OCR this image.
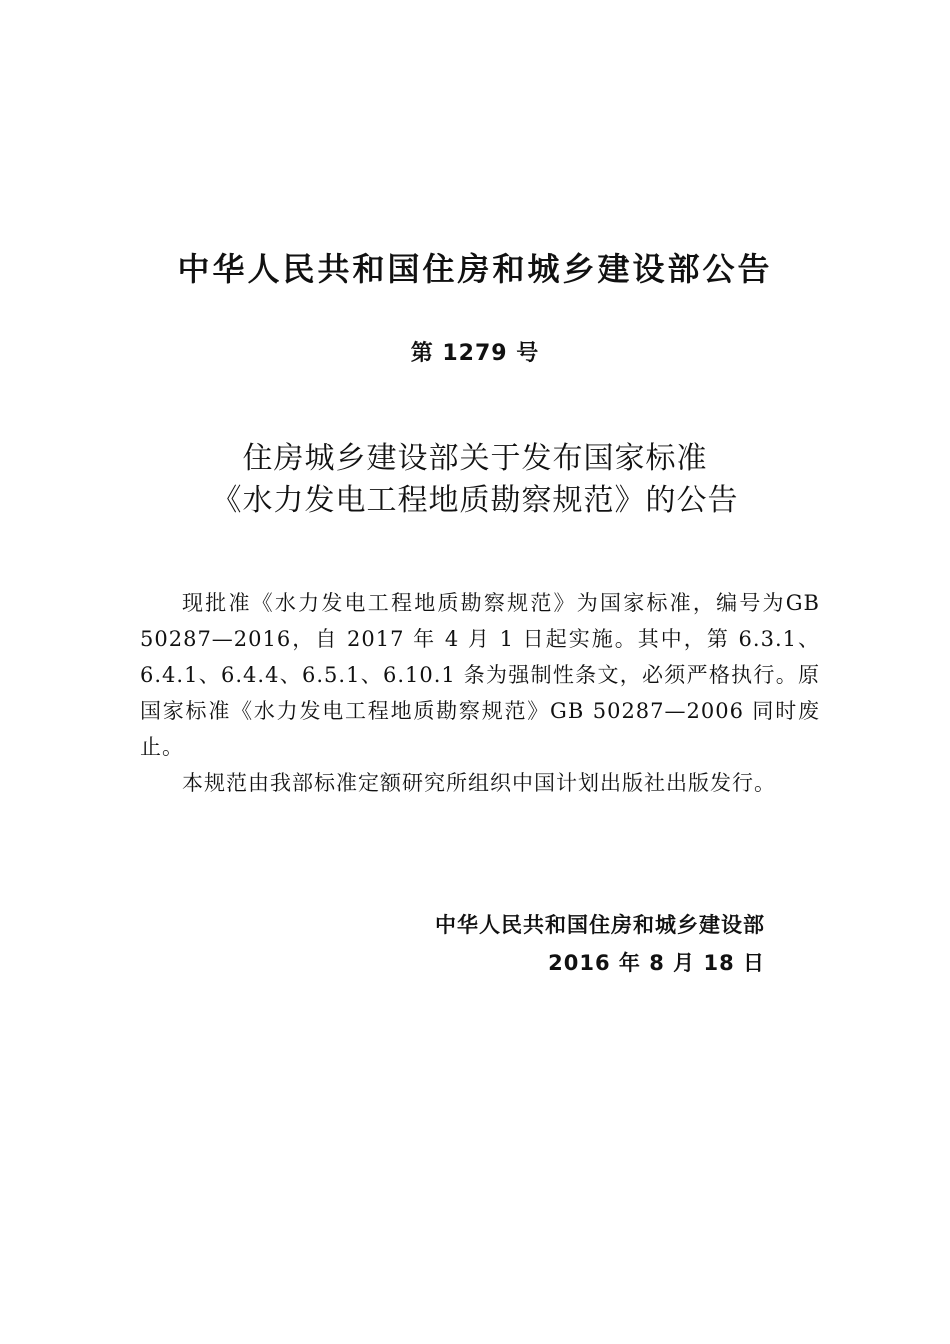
中华人民共和国住房和城乡建设部公告
第 1279 号
住房城乡建设部关于发布国家标准
《水力发电工程地质勘察规范》的公告

现批准《水力发电工程地质勘察规范》为国家标准，编号为GB 50287—2016，自 2017 年 4 月 1 日起实施。其中，第 6.3.1、6.4.1、6.4.4、6.5.1、6.10.1 条为强制性条文，必须严格执行。原国家标准《水力发电工程地质勘察规范》GB 50287—2006 同时废止。

本规范由我部标准定额研究所组织中国计划出版社出版发行。

中华人民共和国住房和城乡建设部
2016 年 8 月 18 日
